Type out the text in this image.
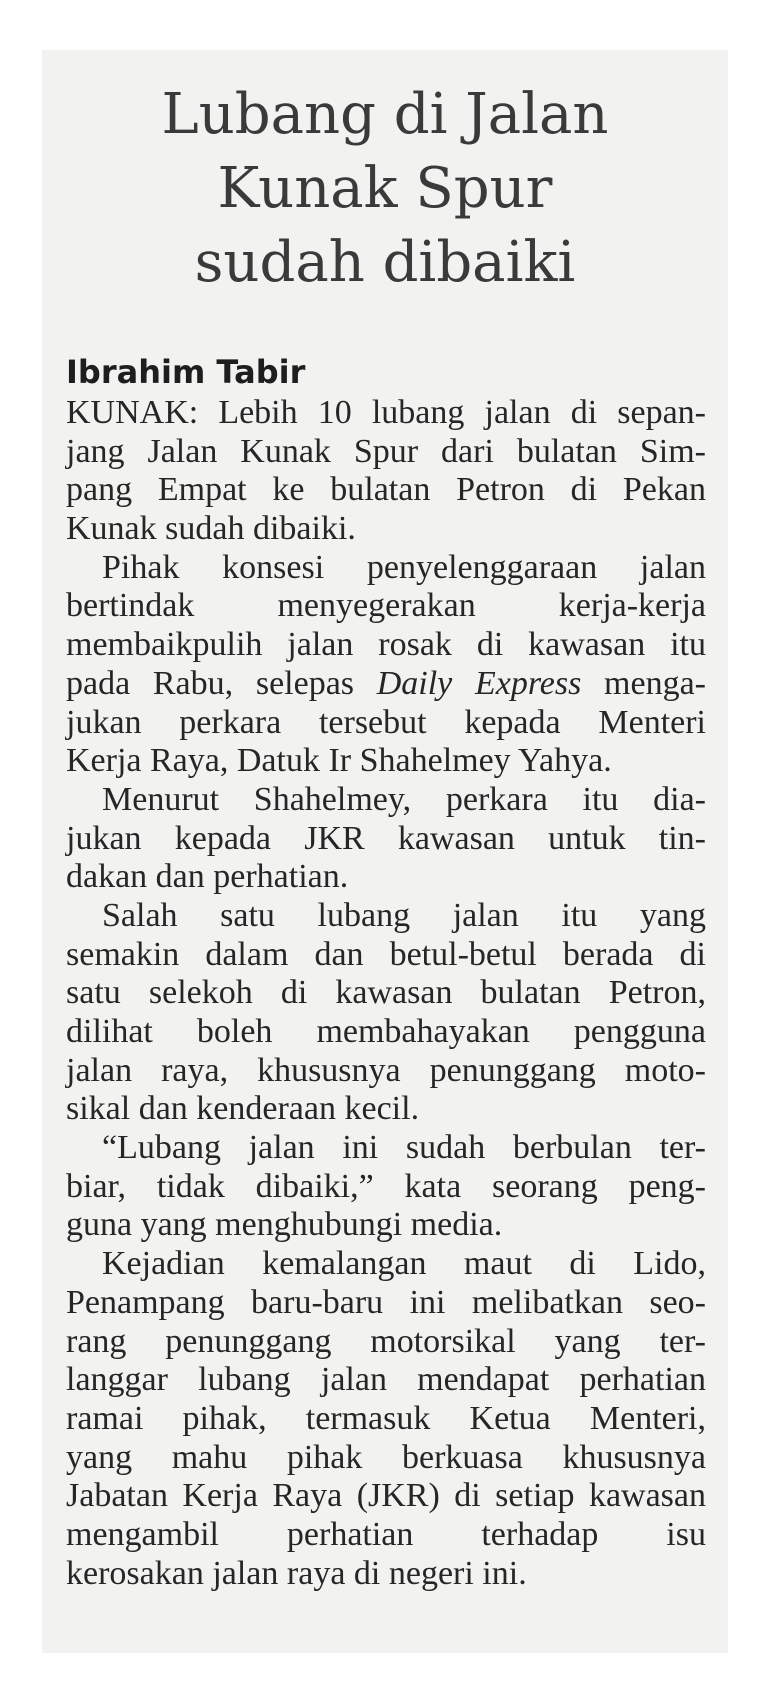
Lubang di Jalan
Kunak Spur
sudah dibaiki
Ibrahim Tabir

KUNAK: Lebih 10 lubang jalan di sepan-
jang Jalan Kunak Spur dari bulatan Sim-
pang Empat ke bulatan Petron di Pekan
Kunak sudah dibaiki.

Pihak konsesi penyelenggaraan jalan
bertindak menyegerakan kerja-kerja
membaikpulih jalan rosak di kawasan itu
pada Rabu, selepas Daily Express menga-
jukan perkara tersebut kepada Menteri
Kerja Raya, Datuk Ir Shahelmey Yahya.

Menurut Shahelmey, perkara itu dia-
jukan kepada JKR kawasan untuk tin-
dakan dan perhatian.

Salah satu lubang jalan itu yang
semakin dalam dan betul-betul berada di
satu selekoh di kawasan bulatan Petron,
dilihat boleh membahayakan pengguna
jalan raya, khususnya penunggang moto-
sikal dan kenderaan kecil.

“Lubang jalan ini sudah berbulan ter-
biar, tidak dibaiki,” kata seorang peng-
guna yang menghubungi media.

Kejadian kemalangan maut di Lido,
Penampang baru-baru ini melibatkan seo-
rang penunggang motorsikal yang ter-
langgar lubang jalan mendapat perhatian
ramai pihak, termasuk Ketua Menteri,
yang mahu pihak berkuasa khususnya
Jabatan Kerja Raya (JKR) di setiap kawasan
mengambil perhatian terhadap isu
kerosakan jalan raya di negeri ini.
